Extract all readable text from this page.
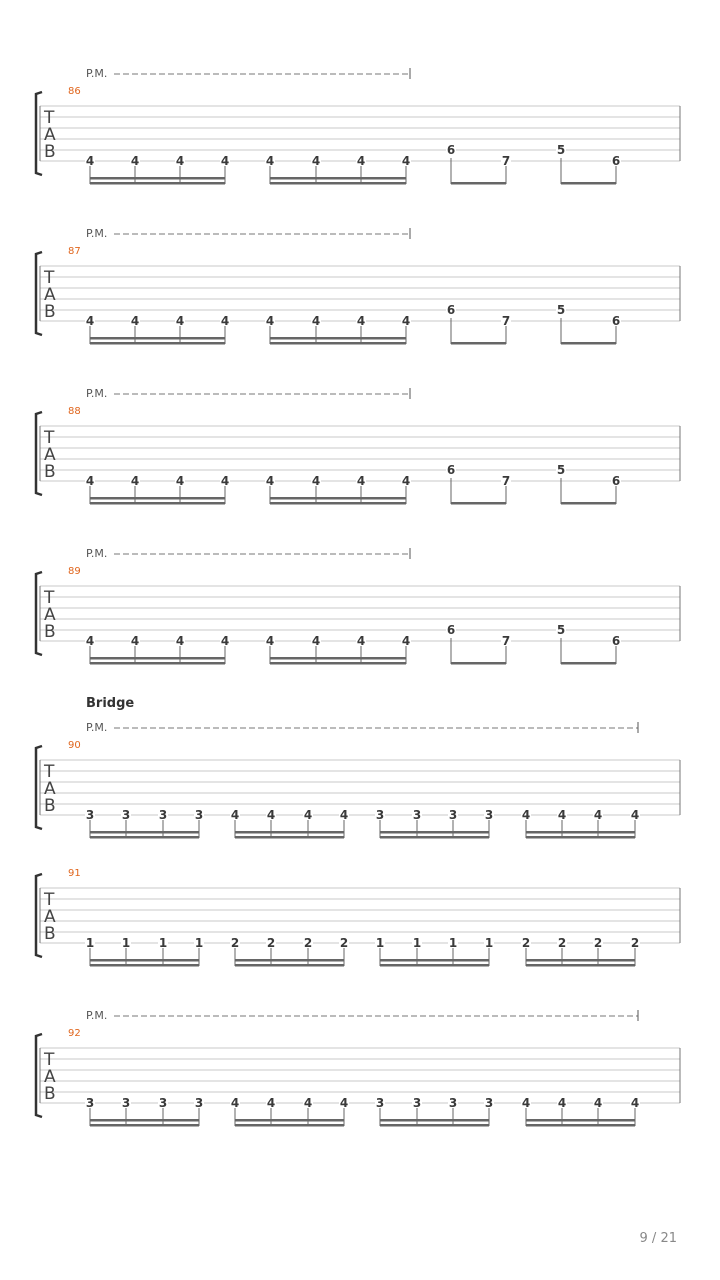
P.M.
86
T
A
B	4	4	4	4	4	4	4	4
6
7
5
6
P.M.
87
T
A
B	4	4	4	4	4	4	4	4
6
7
5
6
P.M.
88
T
A
B	4	4	4	4	4	4	4	4
6
7
5
6
P.M.
89
T
A
B	4	4	4	4	4	4	4	4
6
7
5
6
Bridge
P.M.
90
T
A
B	3 3 3 3 4 4 4 4 3 3 3 3 4 4 4 4
91
T
A
B	1 1 1 1 2 2 2 2 1 1 1 1 2 2 2 2
P.M.
92
T
A
B	3 3 3 3 4 4 4 4 3 3 3 3 4 4 4 4
9 / 21
